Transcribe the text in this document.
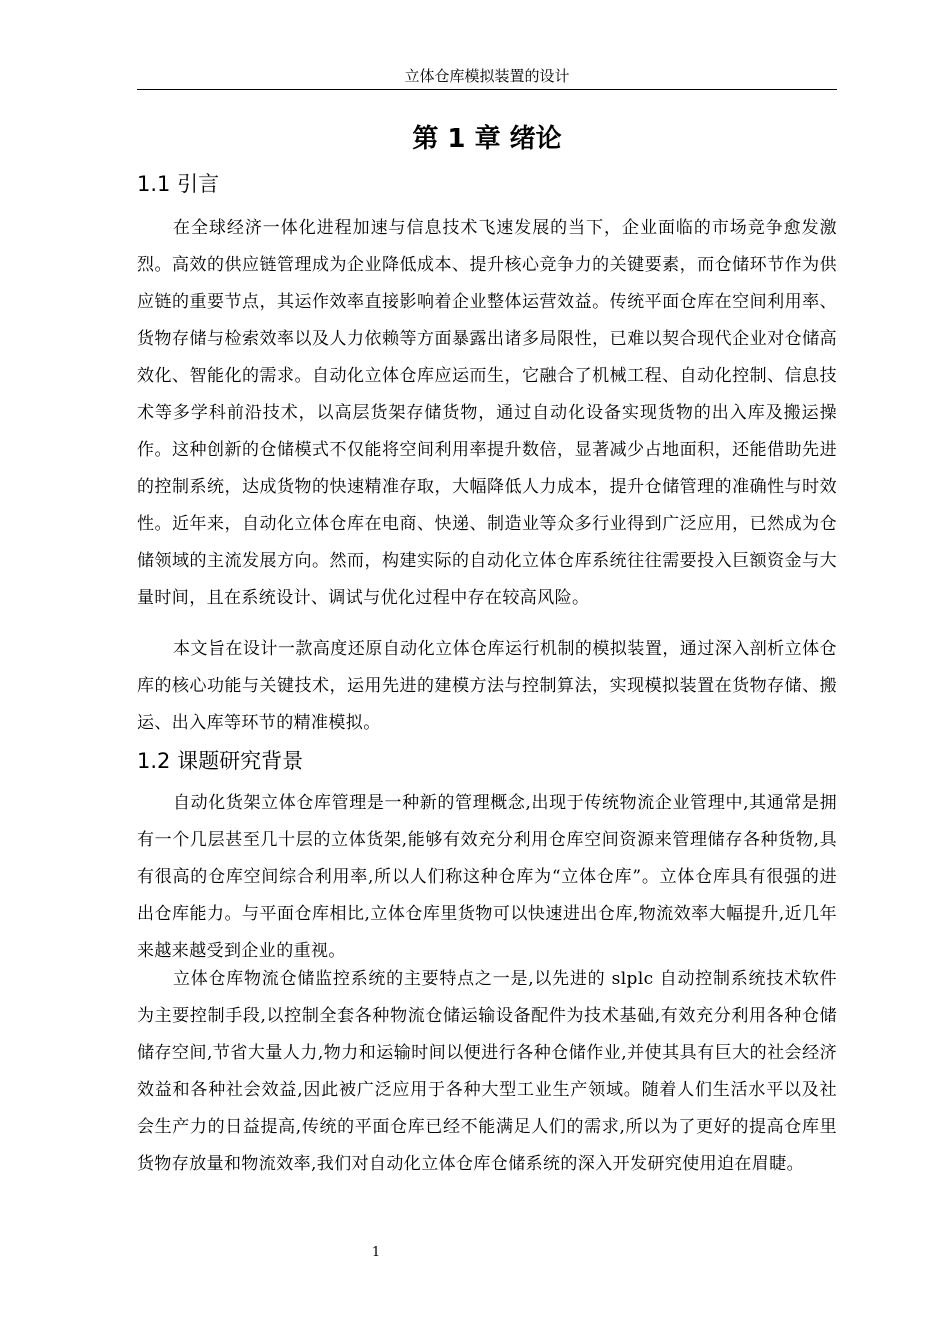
立体仓库模拟装置的设计
第 1 章 绪论
1.1 引言

在全球经济一体化进程加速与信息技术飞速发展的当下，企业面临的市场竞争愈发激烈。高效的供应链管理成为企业降低成本、提升核心竞争力的关键要素，而仓储环节作为供应链的重要节点，其运作效率直接影响着企业整体运营效益。传统平面仓库在空间利用率、货物存储与检索效率以及人力依赖等方面暴露出诸多局限性，已难以契合现代企业对仓储高效化、智能化的需求。自动化立体仓库应运而生，它融合了机械工程、自动化控制、信息技术等多学科前沿技术，以高层货架存储货物，通过自动化设备实现货物的出入库及搬运操作。这种创新的仓储模式不仅能将空间利用率提升数倍，显著减少占地面积，还能借助先进的控制系统，达成货物的快速精准存取，大幅降低人力成本，提升仓储管理的准确性与时效性。近年来，自动化立体仓库在电商、快递、制造业等众多行业得到广泛应用，已然成为仓储领域的主流发展方向。然而，构建实际的自动化立体仓库系统往往需要投入巨额资金与大量时间，且在系统设计、调试与优化过程中存在较高风险。

本文旨在设计一款高度还原自动化立体仓库运行机制的模拟装置，通过深入剖析立体仓库的核心功能与关键技术，运用先进的建模方法与控制算法，实现模拟装置在货物存储、搬运、出入库等环节的精准模拟。

1.2 课题研究背景

自动化货架立体仓库管理是一种新的管理概念,出现于传统物流企业管理中,其通常是拥有一个几层甚至几十层的立体货架,能够有效充分利用仓库空间资源来管理储存各种货物,具有很高的仓库空间综合利用率,所以人们称这种仓库为“立体仓库”。立体仓库具有很强的进出仓库能力。与平面仓库相比,立体仓库里货物可以快速进出仓库,物流效率大幅提升,近几年来越来越受到企业的重视。

立体仓库物流仓储监控系统的主要特点之一是,以先进的 slplc 自动控制系统技术软件为主要控制手段,以控制全套各种物流仓储运输设备配件为技术基础,有效充分利用各种仓储储存空间,节省大量人力,物力和运输时间以便进行各种仓储作业,并使其具有巨大的社会经济效益和各种社会效益,因此被广泛应用于各种大型工业生产领域。随着人们生活水平以及社会生产力的日益提高,传统的平面仓库已经不能满足人们的需求,所以为了更好的提高仓库里货物存放量和物流效率,我们对自动化立体仓库仓储系统的深入开发研究使用迫在眉睫。

1
